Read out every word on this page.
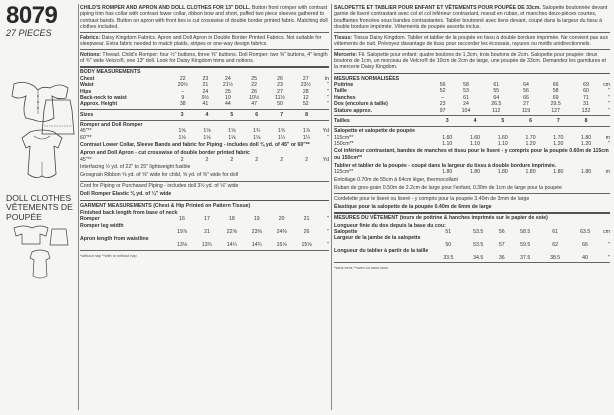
8079
27 PIECES
DOLL CLOTHES
VÊTEMENTS DE POUPÉE
CHILD'S ROMPER AND APRON AND DOLL CLOTHES FOR 13" DOLL. Button front romper with contrast piping trim has collar with contrast lower collar, ribbon bow and short, puffed two piece sleeves gathered to contrast bands. Button on apron with front ties is cut crosswise of double border printed fabric. Matching doll clothes included.
Fabrics: Daisy Kingdom Fabrics. Apron and Doll Apron in Double Border Printed Fabrics. Not suitable for sleepwear. Extra fabric needed to match plaids, stripes or one-way design fabrics.
Notions: Thread. Child's Romper: four ½" buttons, three ⅜" buttons. Doll Romper: two ⅜" buttons, 4" length of ¾" wide Velcro®, one 13" doll. Look for Daisy Kingdom trims and notions.
BODY MEASUREMENTS
Chest	22	23	24	25	26	27	In
Waist	20½	21	21½	22	23	23½	"
Hips	–	24	25	26	27	28	"
Back-neck to waist	9	9½	10	10½	11½	12	"
Approx. Height	38	41	44	47	50	52	"
Sizes	3	4	5	6	7	8	
Romper and Doll Romper
45"**	1⅝	1⅝	1⅝	1¾	1¾	1⅞	Yd
60"**	1⅛	1⅛	1⅛	1⅛	1¼	1¼	"
Contrast Lower Collar, Sleeve Bands and fabric for Piping - includes doll ⅜ yd. of 45" or 60"**
Apron and Doll Apron - cut crosswise of double border printed fabric
45"**	2	2	2	2	2	2	Yd
Interfacing ½ yd. of 22" to 25" lightweight fusible
Grosgrain Ribbon ⅝ yd. of ⅝" wide for child, ⅝ yd. of ⅜" wide for doll
Cord for Piping or Purchased Piping - includes doll 3½ yd. of ⅛" wide
Doll Romper Elastic ⅜ yd. of ¼" wide
GARMENT MEASUREMENTS (Chest & Hip Printed on Pattern Tissue)
Finished back length from base of neck
Romper	16	17	18	19	20	21	"
Romper leg width							
	19⅞	21	22⅜	23⅜	24⅜	26	"
Apron length from waistline							
	13⅛	13¾	14¼	14¾	15⅛	15⅝	"
*without nap **with or without nap
SALOPETTE ET TABLIER POUR ENFANT ET VÊTEMENTS POUR POUPÉE DE 33cm. Salopette boutonnée devant garnie de liseré contrastant avec col et col inférieur contrastant, noeud en ruban, et manches deux-pièces courtes, bouffantes froncées sous bandes contrastantes. Tablier boutonné avec liens devant, coupé dans la largeur du tissu à double bordure imprimée. Vêtements de poupée assortis inclus.
Tissus: Tissus Daisy Kingdom. Tablier et tablier de la poupée en tissu à double bordure imprimée. Ne convient pas aux vêtements de nuit. Prévoyez davantage de tissu pour raccorder les écossais, rayures ou motifs unidirectionnels.
Mercerie: Fil. Salopette pour enfant: quatre boutons de 1,3cm, trois boutons de 2cm. Salopette pour poupée: deux boutons de 1cm, un morceau de Velcro® de 10cm de 2cm de large, une poupée de 33cm. Demandez les garnitures et la mercerie Daisy Kingdom.
MESURES NORMALISÉES
Poitrine	56	58	61	64	66	69	cm
Taille	52	53	55	56	58	60	"
Hanches	–	61	64	66	69	71	"
Dos (encolure à taille)	23	24	26.5	27	29.5	31	"
Stature approx.	97	104	112	119	127	132	"
Tailles	3	4	5	6	7	8	
Salopette et salopette de poupée
115cm**	1.60	1.60	1.60	1.70	1.70	1.80	m
150cm**	1.10	1.10	1.10	1.20	1.20	1.20	"
Col inférieur contrastant, bandes de manches et tissu pour le liseré - y compris pour la poupée 0.60m de 115cm ou 150cm**
Tablier et tablier de la poupée - coupé dans la largeur du tissu à double bordure imprimée.
115cm**	1.80	1.80	1.80	1.80	1.80	1.80	m
Entoilage 0.70m de 55cm à 64cm léger, thermocollant
Ruban de gros-grain 0.50m de 2.2cm de large pour l'enfant, 0.30m de 1cm de large pour la poupée
Cordelette pour le liseré ou liseré - y compris pour la poupée 3.40m de 3mm de large
Élastique pour la salopette de la poupée 0.40m de 6mm de large
MESURES DU VÊTEMENT (tours de poitrine & hanches imprimés sur le papier de soie)
Longueur finie du dos depuis la base du cou:
Salopette	51	53.5	56	58.5	61	63.5	cm
Largeur de la jambe de la salopette							
	50	53.5	57	59.5	62	66	"
Longueur du tablier à partir de la taille							
	33.5	34.5	36	37.5	38.5	40	"
*sans sens **avec ou sans sens
